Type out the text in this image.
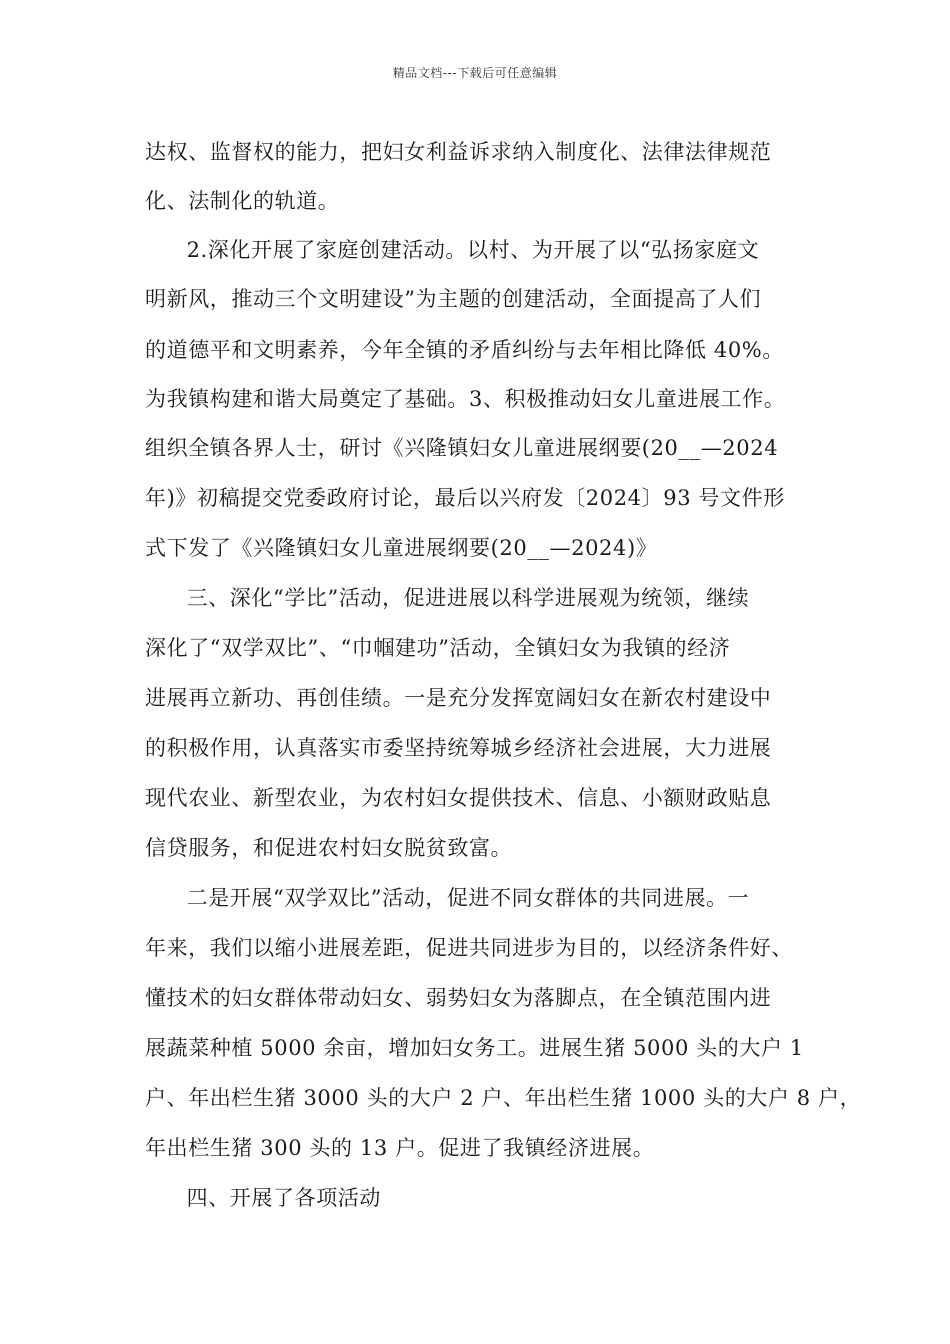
精品文档---下载后可任意编辑
达权、监督权的能力，把妇女利益诉求纳入制度化、法律法律规范
化、法制化的轨道。
　2.深化开展了家庭创建活动。以村、为开展了以“弘扬家庭文
明新风，推动三个文明建设”为主题的创建活动，全面提高了人们
的道德平和文明素养，今年全镇的矛盾纠纷与去年相比降低 40%。
为我镇构建和谐大局奠定了基础。3、积极推动妇女儿童进展工作。
组织全镇各界人士，研讨《兴隆镇妇女儿童进展纲要(20__—2024
年)》初稿提交党委政府讨论，最后以兴府发〔2024〕93 号文件形
式下发了《兴隆镇妇女儿童进展纲要(20__—2024)》
　三、深化“学比”活动，促进进展以科学进展观为统领，继续
深化了“双学双比”、“巾帼建功”活动，全镇妇女为我镇的经济
进展再立新功、再创佳绩。一是充分发挥宽阔妇女在新农村建设中
的积极作用，认真落实市委坚持统筹城乡经济社会进展，大力进展
现代农业、新型农业，为农村妇女提供技术、信息、小额财政贴息
信贷服务，和促进农村妇女脱贫致富。
　二是开展“双学双比”活动，促进不同女群体的共同进展。一
年来，我们以缩小进展差距，促进共同进步为目的，以经济条件好、
懂技术的妇女群体带动妇女、弱势妇女为落脚点，在全镇范围内进
展蔬菜种植 5000 余亩，增加妇女务工。进展生猪 5000 头的大户 1
户、年出栏生猪 3000 头的大户 2 户、年出栏生猪 1000 头的大户 8 户，
年出栏生猪 300 头的 13 户。促进了我镇经济进展。
　四、开展了各项活动
